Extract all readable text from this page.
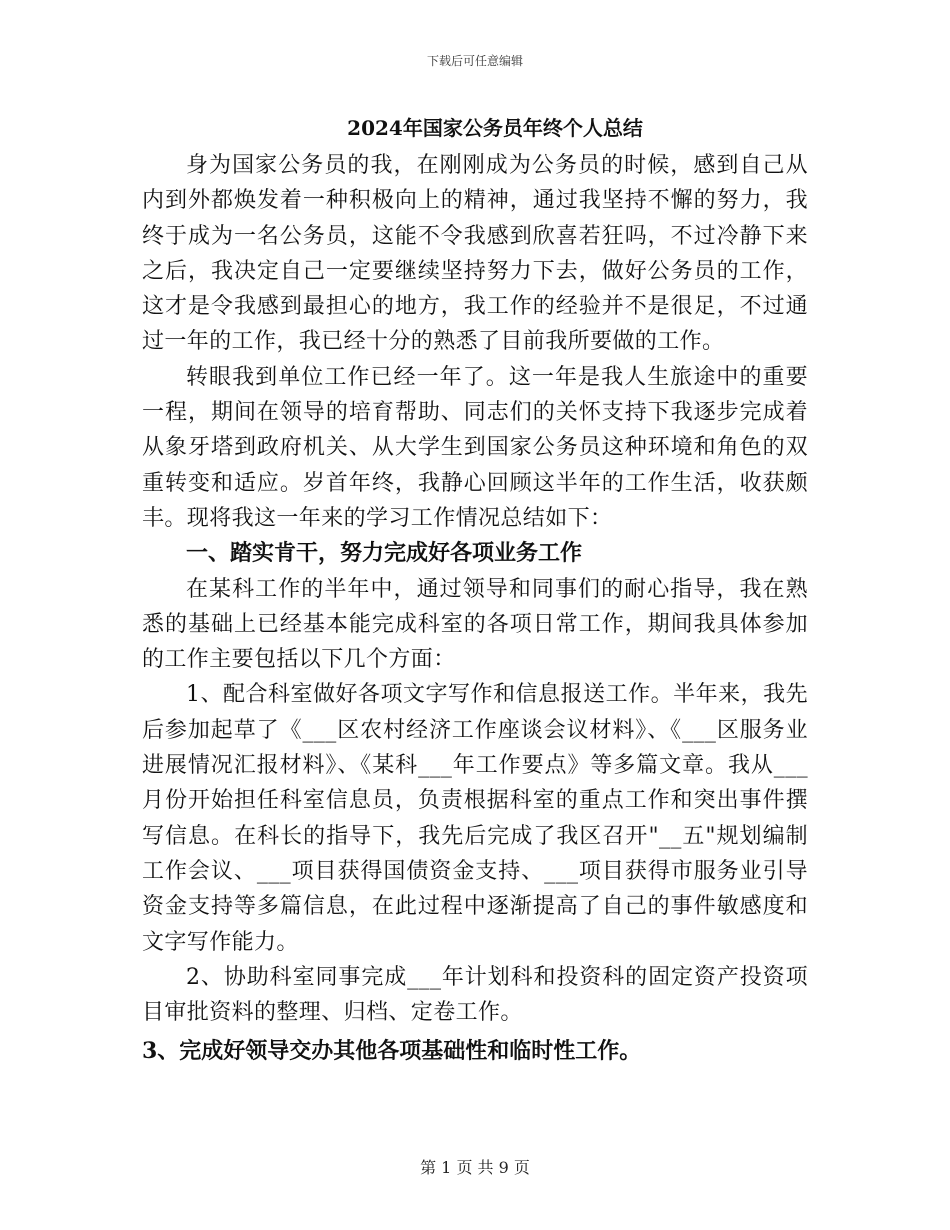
下载后可任意编辑

2024年国家公务员年终个人总结

身为国家公务员的我，在刚刚成为公务员的时候，感到自己从内到外都焕发着一种积极向上的精神，通过我坚持不懈的努力，我终于成为一名公务员，这能不令我感到欣喜若狂吗，不过冷静下来之后，我决定自己一定要继续坚持努力下去，做好公务员的工作，这才是令我感到最担心的地方，我工作的经验并不是很足，不过通过一年的工作，我已经十分的熟悉了目前我所要做的工作。

转眼我到单位工作已经一年了。这一年是我人生旅途中的重要一程，期间在领导的培育帮助、同志们的关怀支持下我逐步完成着从象牙塔到政府机关、从大学生到国家公务员这种环境和角色的双重转变和适应。岁首年终，我静心回顾这半年的工作生活，收获颇丰。现将我这一年来的学习工作情况总结如下：

一、踏实肯干，努力完成好各项业务工作

在某科工作的半年中，通过领导和同事们的耐心指导，我在熟悉的基础上已经基本能完成科室的各项日常工作，期间我具体参加的工作主要包括以下几个方面：

1、配合科室做好各项文字写作和信息报送工作。半年来，我先后参加起草了《___区农村经济工作座谈会议材料》、《___区服务业进展情况汇报材料》、《某科___年工作要点》等多篇文章。我从___月份开始担任科室信息员，负责根据科室的重点工作和突出事件撰写信息。在科长的指导下，我先后完成了我区召开"__五"规划编制工作会议、___项目获得国债资金支持、___项目获得市服务业引导资金支持等多篇信息，在此过程中逐渐提高了自己的事件敏感度和文字写作能力。

2、协助科室同事完成___年计划科和投资科的固定资产投资项目审批资料的整理、归档、定卷工作。

3、完成好领导交办其他各项基础性和临时性工作。

第 1 页 共 9 页
